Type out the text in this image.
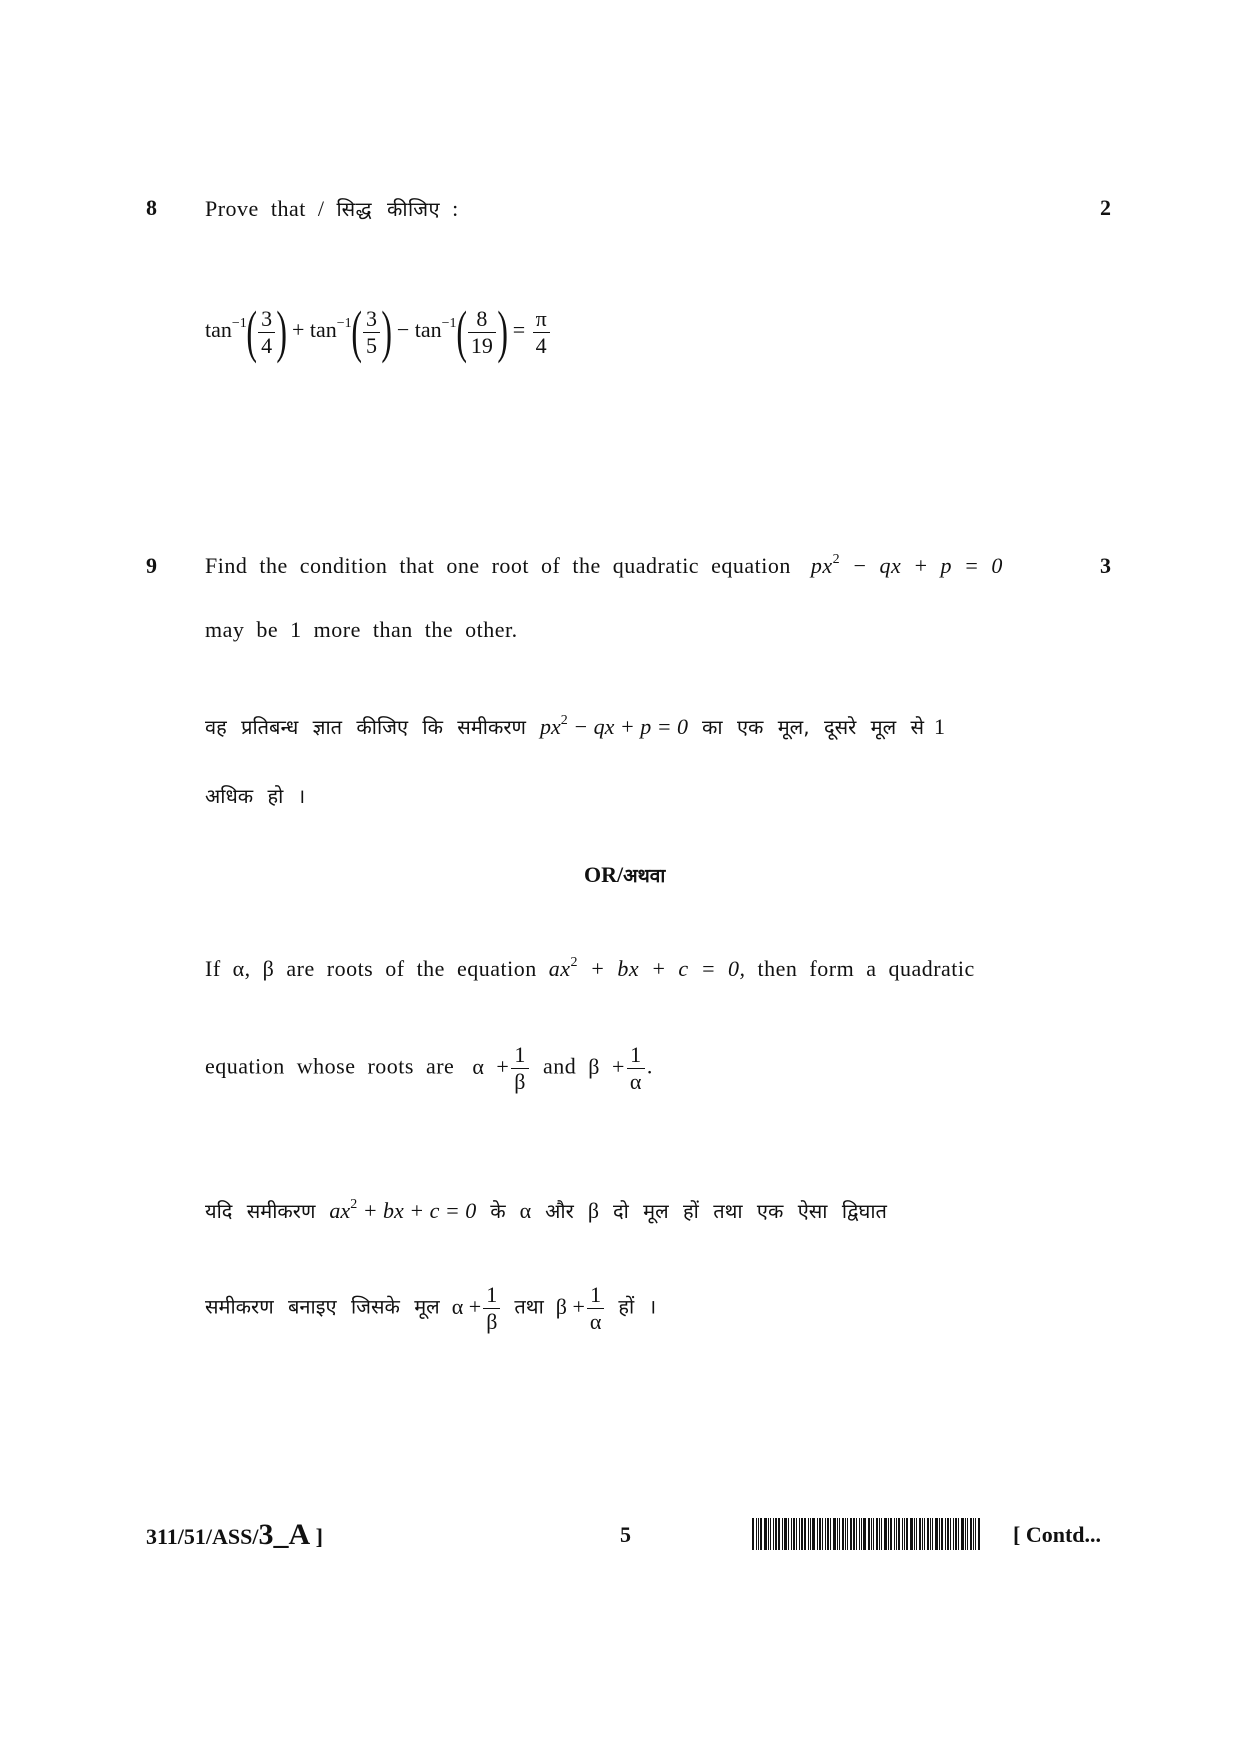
8 Prove that / सिद्ध कीजिए :	2
$\tan^{-1}( \frac{3}{4}$ ) + $\tan^{-1}( \frac{3}{5}$ ) − $\tan^{-1}( \frac{8}{19}$ ) = $\frac{\pi}{4}$
9	3
Find the condition that one root of the quadratic equation $px^2$ − qx + p = 0
may be 1 more than the other.
वह प्रतिबन्ध ज्ञात कीजिए कि समीकरण $px^2$ − qx + p = 0 का एक मूल, दूसरे मूल से 1
अधिक हो ।
OR/अथवा
If α, β are roots of the equation $ax^2$ + bx + c = 0, then form a quadratic
equation whose roots are $\alpha + \frac{1}{\beta}$ and $\beta + \frac{1}{\alpha}$ .
यदि समीकरण $ax^2$ + bx + c = 0 के α और β दो मूल हों तथा एक ऐसा द्विघात
समीकरण बनाइए जिसके मूल $\alpha + \frac{1}{\beta}$ तथा $\beta + \frac{1}{\alpha}$ हों ।
311/51/ASS/3_A ]	5	[ Contd...
